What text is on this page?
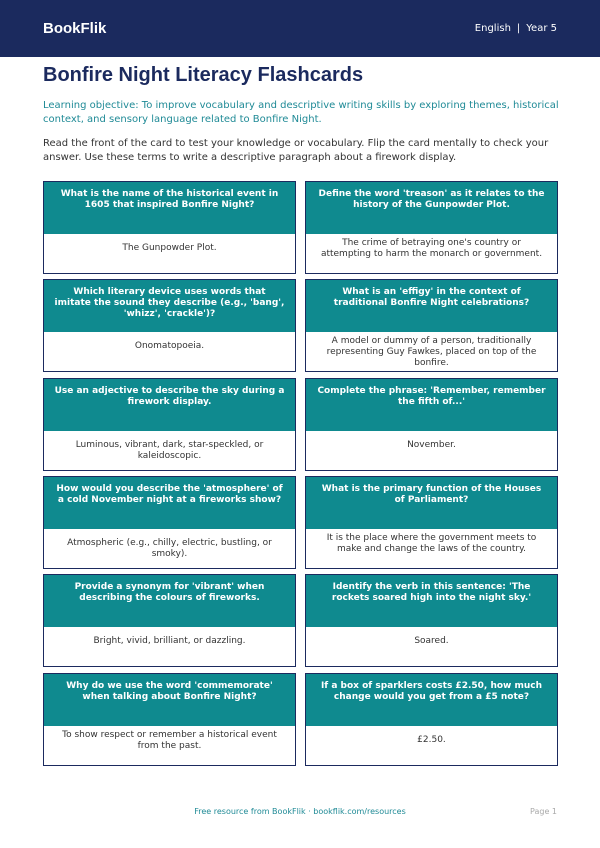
BookFlik	English | Year 5
Bonfire Night Literacy Flashcards

Learning objective: To improve vocabulary and descriptive writing skills by exploring themes, historical context, and sensory language related to Bonfire Night.

Read the front of the card to test your knowledge or vocabulary. Flip the card mentally to check your answer. Use these terms to write a descriptive paragraph about a firework display.

What is the name of the historical event in 1605 that inspired Bonfire Night?
The Gunpowder Plot.
Define the word 'treason' as it relates to the history of the Gunpowder Plot.
The crime of betraying one's country or attempting to harm the monarch or government.
Which literary device uses words that imitate the sound they describe (e.g., 'bang', 'whizz', 'crackle')?
Onomatopoeia.
What is an 'effigy' in the context of traditional Bonfire Night celebrations?
A model or dummy of a person, traditionally representing Guy Fawkes, placed on top of the bonfire.
Use an adjective to describe the sky during a firework display.
Luminous, vibrant, dark, star-speckled, or kaleidoscopic.
Complete the phrase: 'Remember, remember the fifth of...'
November.
How would you describe the 'atmosphere' of a cold November night at a fireworks show?
Atmospheric (e.g., chilly, electric, bustling, or smoky).
What is the primary function of the Houses of Parliament?
It is the place where the government meets to make and change the laws of the country.
Provide a synonym for 'vibrant' when describing the colours of fireworks.
Bright, vivid, brilliant, or dazzling.
Identify the verb in this sentence: 'The rockets soared high into the night sky.'
Soared.
Why do we use the word 'commemorate' when talking about Bonfire Night?
To show respect or remember a historical event from the past.
If a box of sparklers costs £2.50, how much change would you get from a £5 note?
£2.50.
Free resource from BookFlik · bookflik.com/resources	Page 1
